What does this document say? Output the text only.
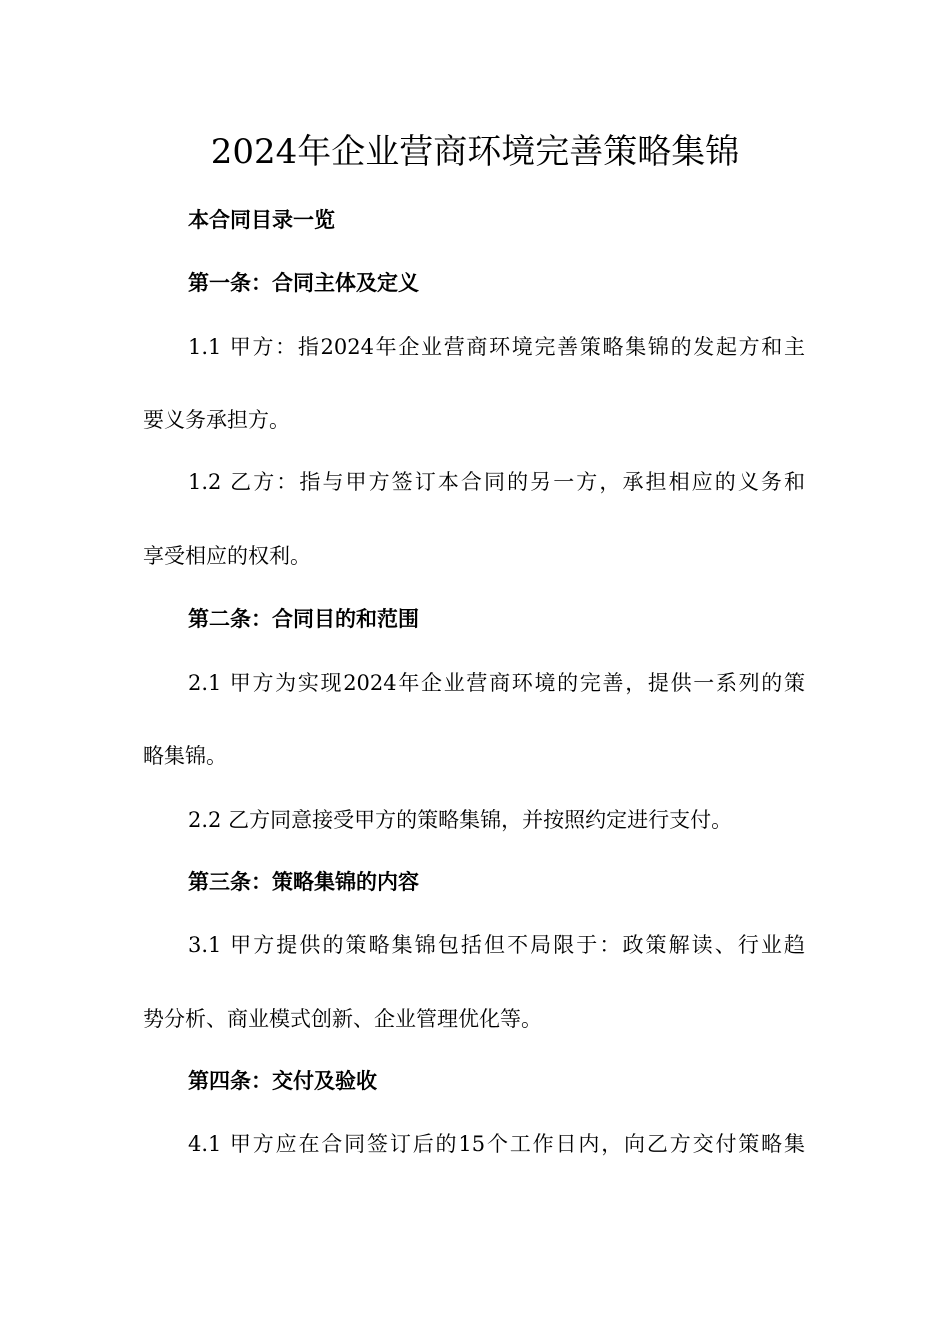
2024年企业营商环境完善策略集锦
本合同目录一览
第一条：合同主体及定义
1.1 甲方：指2024年企业营商环境完善策略集锦的发起方和主
要义务承担方。
1.2 乙方：指与甲方签订本合同的另一方，承担相应的义务和
享受相应的权利。
第二条：合同目的和范围
2.1 甲方为实现2024年企业营商环境的完善，提供一系列的策
略集锦。
2.2 乙方同意接受甲方的策略集锦，并按照约定进行支付。
第三条：策略集锦的内容
3.1 甲方提供的策略集锦包括但不局限于：政策解读、行业趋
势分析、商业模式创新、企业管理优化等。
第四条：交付及验收
4.1 甲方应在合同签订后的15个工作日内，向乙方交付策略集
